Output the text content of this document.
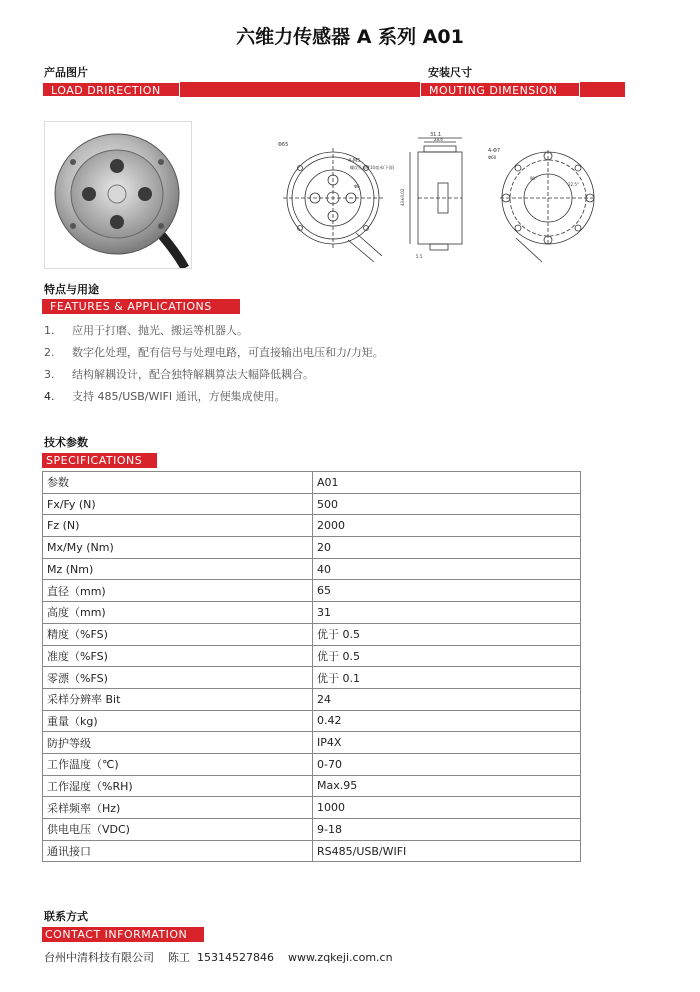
六维力传感器 A 系列 A01
产品图片	安装尺寸
LOAD DRIRECTION	MOUTING DIMENSION
Φ65
4-M5
螺纹孔深度10毫米(下面)
Φ6
31.1
28.6
43±0.02
5.5
4-Φ7
Φ60
90°
22.5°
特点与用途
FEATURES & APPLICATIONS
1. 应用于打磨、抛光、搬运等机器人。
2. 数字化处理，配有信号与处理电路，可直接输出电压和力/力矩。
3. 结构解耦设计，配合独特解耦算法大幅降低耦合。
4. 支持 485/USB/WIFI 通讯，方便集成使用。
技术参数
SPECIFICATIONS
参数	A01
Fx/Fy (N)	500
Fz (N)	2000
Mx/My (Nm)	20
Mz (Nm)	40
直径（mm)	65
高度（mm)	31
精度（%FS)	优于 0.5
准度（%FS)	优于 0.5
零漂（%FS)	优于 0.1
采样分辨率 Bit	24
重量（kg)	0.42
防护等级	IP4X
工作温度（℃)	0-70
工作湿度（%RH)	Max.95
采样频率（Hz)	1000
供电电压（VDC)	9-18
通讯接口	RS485/USB/WIFI
联系方式
CONTACT INFORMATION
台州中清科技有限公司    陈工  15314527846    www.zqkeji.com.cn
